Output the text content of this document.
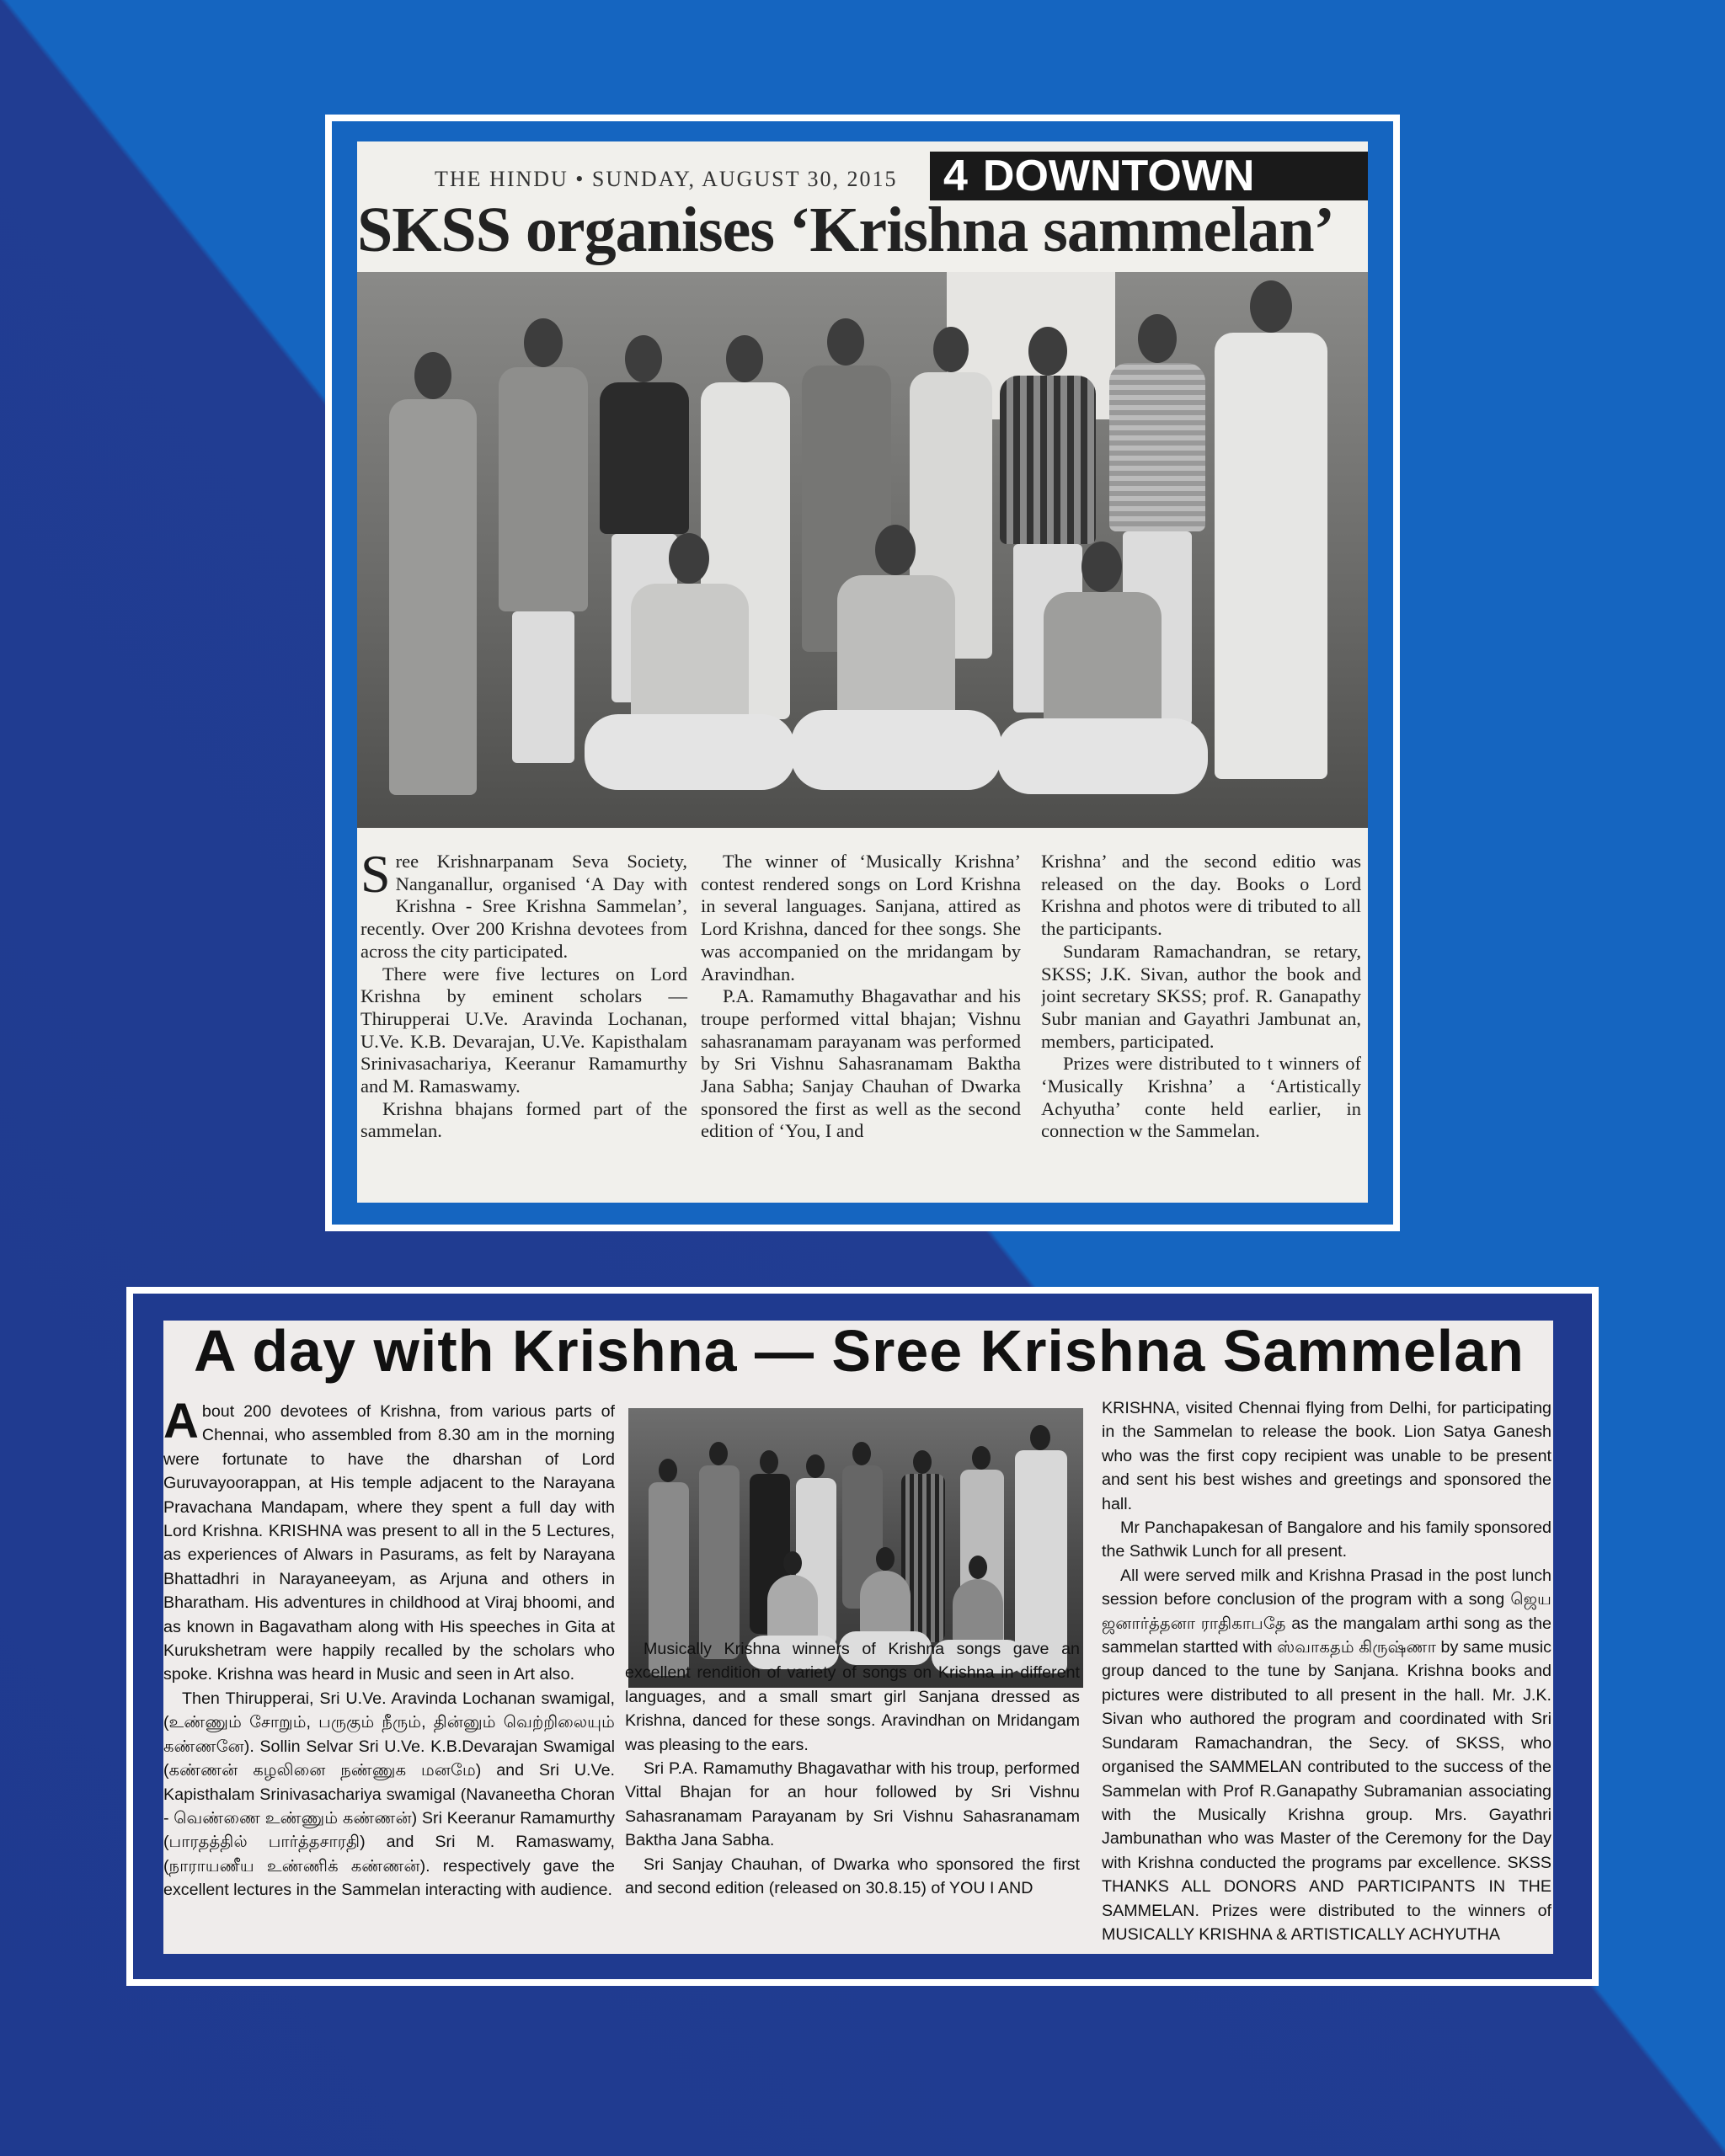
THE HINDU • SUNDAY, AUGUST 30, 2015	4 DOWNTOWN
SKSS organises ‘Krishna sammelan’

Sree Krishnarpanam Seva Society, Nanganallur, organised ‘A Day with Krishna - Sree Krishna Sammelan’, recently. Over 200 Krishna devotees from across the city participated.

There were five lectures on Lord Krishna by eminent scholars — Thirupperai U.Ve. Aravinda Lochanan, U.Ve. K.B. Devarajan, U.Ve. Kapisthalam Srinivasachariya, Keeranur Ramamurthy and M. Ramaswamy.

Krishna bhajans formed part of the sammelan.

The winner of ‘Musically Krishna’ contest rendered songs on Lord Krishna in several languages. Sanjana, attired as Lord Krishna, danced for thee songs. She was accompanied on the mridangam by Aravindhan.

P.A. Ramamuthy Bhagavathar and his troupe performed vittal bhajan; Vishnu sahasranamam parayanam was performed by Sri Vishnu Sahasranamam Baktha Jana Sabha; Sanjay Chauhan of Dwarka sponsored the first as well as the second edition of ‘You, I and

Krishna’ and the second editio was released on the day. Books o Lord Krishna and photos were di tributed to all the participants.

Sundaram Ramachandran, se retary, SKSS; J.K. Sivan, author the book and joint secretary SKSS; prof. R. Ganapathy Subr manian and Gayathri Jambunat an, members, participated.

Prizes were distributed to t winners of ‘Musically Krishna’ a ‘Artistically Achyutha’ conte held earlier, in connection w the Sammelan.

A day with Krishna — Sree Krishna Sammelan

About 200 devotees of Krishna, from various parts of Chennai, who assembled from 8.30 am in the morning were fortunate to have the dharshan of Lord Guruvayoorappan, at His temple adjacent to the Narayana Pravachana Mandapam, where they spent a full day with Lord Krishna. KRISHNA was present to all in the 5 Lectures, as experiences of Alwars in Pasurams, as felt by Narayana Bhattadhri in Narayaneeyam, as Arjuna and others in Bharatham. His adventures in childhood at Viraj bhoomi, and as known in Bagavatham along with His speeches in Gita at Kurukshetram were happily recalled by the scholars who spoke. Krishna was heard in Music and seen in Art also.

Then Thirupperai, Sri U.Ve. Aravinda Lochanan swamigal, (உண்ணும் சோறும், பருகும் நீரும், தின்னும் வெற்றிலையும் கண்ணனே). Sollin Selvar Sri U.Ve. K.B.Devarajan Swamigal (கண்ணன் கழலினை நண்ணுக மனமே) and Sri U.Ve. Kapisthalam Srinivasachariya swamigal (Navaneetha Choran - வெண்ணை உண்ணும் கண்ணன்) Sri Keeranur Ramamurthy (பாரதத்தில் பார்த்தசாரதி) and Sri M. Ramaswamy, (நாராயணீய உண்ணிக் கண்ணன்). respectively gave the excellent lectures in the Sammelan interacting with audience.

Musically Krishna winners of Krishna songs gave an excellent rendition of variety of songs on Krishna in different languages, and a small smart girl Sanjana dressed as Krishna, danced for these songs. Aravindhan on Mridangam was pleasing to the ears.

Sri P.A. Ramamuthy Bhagavathar with his troup, performed Vittal Bhajan for an hour followed by Sri Vishnu Sahasranamam Parayanam by Sri Vishnu Sahasranamam Baktha Jana Sabha.

Sri Sanjay Chauhan, of Dwarka who sponsored the first and second edition (released on 30.8.15) of YOU I AND

KRISHNA, visited Chennai flying from Delhi, for participating in the Sammelan to release the book. Lion Satya Ganesh who was the first copy recipient was unable to be present and sent his best wishes and greetings and sponsored the hall.

Mr Panchapakesan of Bangalore and his family sponsored the Sathwik Lunch for all present.

All were served milk and Krishna Prasad in the post lunch session before conclusion of the program with a song ஜெய ஜனார்த்தனா ராதிகாபதே as the mangalam arthi song as the sammelan startted with ஸ்வாகதம் கிருஷ்ணா by same music group danced to the tune by Sanjana. Krishna books and pictures were distributed to all present in the hall. Mr. J.K. Sivan who authored the program and coordinated with Sri Sundaram Ramachandran, the Secy. of SKSS, who organised the SAMMELAN contributed to the success of the Sammelan with Prof R.Ganapathy Subramanian associating with the Musically Krishna group. Mrs. Gayathri Jambunathan who was Master of the Ceremony for the Day with Krishna conducted the programs par excellence. SKSS THANKS ALL DONORS AND PARTICIPANTS IN THE SAMMELAN. Prizes were distributed to the winners of MUSICALLY KRISHNA & ARTISTICALLY ACHYUTHA
